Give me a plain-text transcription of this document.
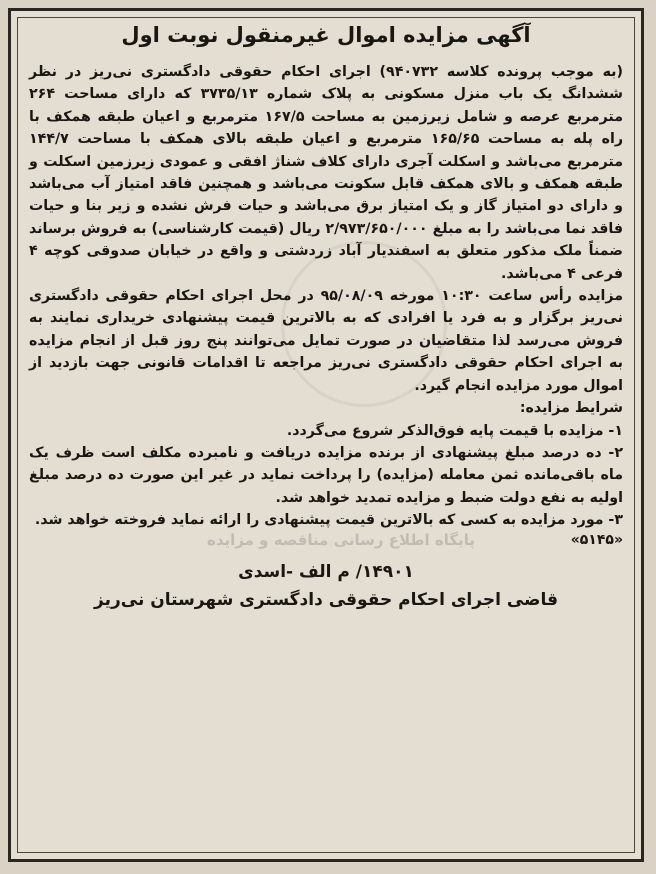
پایگاه اطلاع رسانی مناقصه و مزایده

آگهی مزایده اموال غیرمنقول نوبت اول

(به موجب پرونده کلاسه ۹۴۰۷۳۲) اجرای احکام حقوقی دادگستری نی‌ریز در نظر ششدانگ یک باب منزل مسکونی به پلاک شماره ۳۷۳۵/۱۳ که دارای مساحت ۲۶۴ مترمربع عرصه و شامل زیرزمین به مساحت ۱۶۷/۵ مترمربع و اعیان طبقه همکف با راه پله به مساحت ۱۶۵/۶۵ مترمربع و اعیان طبقه بالای همکف با مساحت ۱۴۴/۷ مترمربع می‌باشد و اسکلت آجری دارای کلاف شناژ افقی و عمودی زیرزمین اسکلت و طبقه همکف و بالای همکف قابل سکونت می‌باشد و همچنین فاقد امتیاز آب می‌باشد و دارای دو امتیاز گاز و یک امتیاز برق می‌باشد و حیات فرش نشده و زیر بنا و حیات فاقد نما می‌باشد را به مبلغ ۲/۹۷۳/۶۵۰/۰۰۰ ریال (قیمت کارشناسی) به فروش برساند ضمناً ملک مذکور متعلق به اسفندیار آباد زردشتی و واقع در خیابان صدوقی کوچه ۴ فرعی ۴ می‌باشد.

مزایده رأس ساعت ۱۰:۳۰ مورخه ۹۵/۰۸/۰۹ در محل اجرای احکام حقوقی دادگستری نی‌ریز برگزار و به فرد یا افرادی که به بالاترین قیمت پیشنهادی خریداری نمایند به فروش می‌رسد لذا متقاضیان در صورت تمایل می‌توانند پنج روز قبل از انجام مزایده به اجرای احکام حقوقی دادگستری نی‌ریز مراجعه تا اقدامات قانونی جهت بازدید از اموال مورد مزایده انجام گیرد.

شرایط مزایده:

۱- مزایده با قیمت پایه فوق‌الذکر شروع می‌گردد.

۲- ده درصد مبلغ پیشنهادی از برنده مزایده دریافت و نامبرده مکلف است ظرف یک ماه باقی‌مانده ثمن معامله (مزایده) را پرداخت نماید در غیر این صورت ده درصد مبلغ اولیه به نفع دولت ضبط و مزایده تمدید خواهد شد.

۳- مورد مزایده به کسی که بالاترین قیمت پیشنهادی را ارائه نماید فروخته خواهد شد.

«۵۱۴۵»

۱۴۹۰۱/ م الف -اسدی

قاضی اجرای احکام حقوقی دادگستری شهرستان نی‌ریز
